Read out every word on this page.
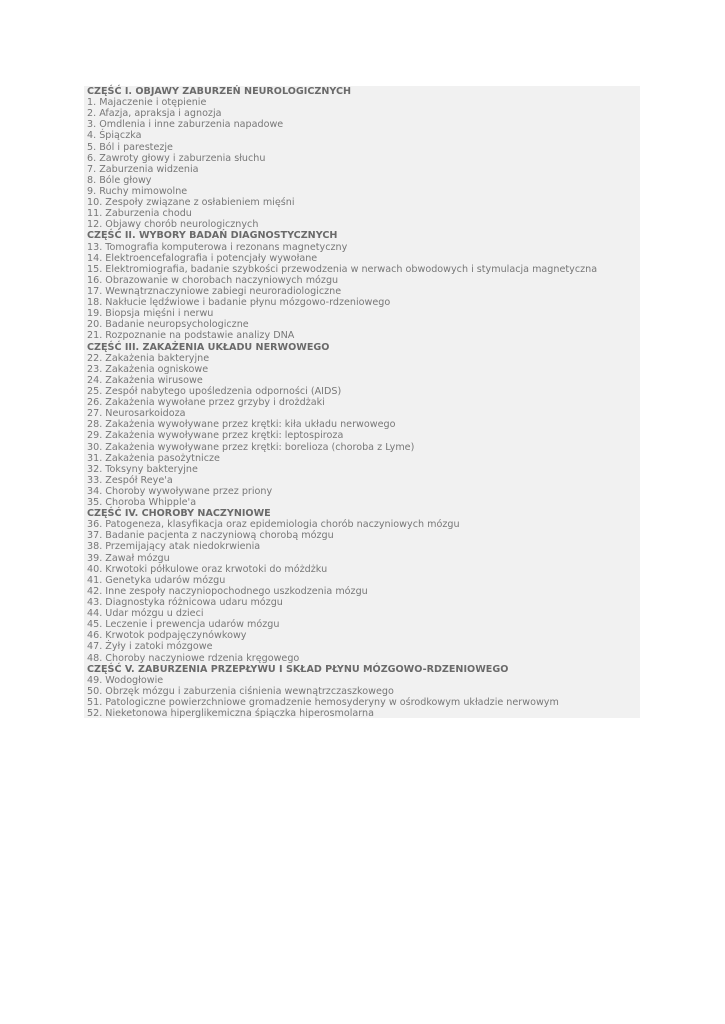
CZĘŚĆ I. OBJAWY ZABURZEŃ NEUROLOGICZNYCH
1. Majaczenie i otępienie
2. Afazja, apraksja i agnozja
3. Omdlenia i inne zaburzenia napadowe
4. Śpiączka
5. Ból i parestezje
6. Zawroty głowy i zaburzenia słuchu
7. Zaburzenia widzenia
8. Bóle głowy
9. Ruchy mimowolne
10. Zespoły związane z osłabieniem mięśni
11. Zaburzenia chodu
12. Objawy chorób neurologicznych
CZĘŚĆ II. WYBORY BADAŃ DIAGNOSTYCZNYCH
13. Tomografia komputerowa i rezonans magnetyczny
14. Elektroencefalografia i potencjały wywołane
15. Elektromiografia, badanie szybkości przewodzenia w nerwach obwodowych i stymulacja magnetyczna
16. Obrazowanie w chorobach naczyniowych mózgu
17. Wewnątrznaczyniowe zabiegi neuroradiologiczne
18. Nakłucie lędźwiowe i badanie płynu mózgowo-rdzeniowego
19. Biopsja mięśni i nerwu
20. Badanie neuropsychologiczne
21. Rozpoznanie na podstawie analizy DNA
CZĘŚĆ III. ZAKAŻENIA UKŁADU NERWOWEGO
22. Zakażenia bakteryjne
23. Zakażenia ogniskowe
24. Zakażenia wirusowe
25. Zespół nabytego upośledzenia odporności (AIDS)
26. Zakażenia wywołane przez grzyby i drożdżaki
27. Neurosarkoidoza
28. Zakażenia wywoływane przez krętki: kiła układu nerwowego
29. Zakażenia wywoływane przez krętki: leptospiroza
30. Zakażenia wywoływane przez krętki: borelioza (choroba z Lyme)
31. Zakażenia pasożytnicze
32. Toksyny bakteryjne
33. Zespół Reye'a
34. Choroby wywoływane przez priony
35. Choroba Whipple'a
CZĘŚĆ IV. CHOROBY NACZYNIOWE
36. Patogeneza, klasyfikacja oraz epidemiologia chorób naczyniowych mózgu
37. Badanie pacjenta z naczyniową chorobą mózgu
38. Przemijający atak niedokrwienia
39. Zawał mózgu
40. Krwotoki półkulowe oraz krwotoki do móżdżku
41. Genetyka udarów mózgu
42. Inne zespoły naczyniopochodnego uszkodzenia mózgu
43. Diagnostyka różnicowa udaru mózgu
44. Udar mózgu u dzieci
45. Leczenie i prewencja udarów mózgu
46. Krwotok podpajęczynówkowy
47. Żyły i zatoki mózgowe
48. Choroby naczyniowe rdzenia kręgowego
CZĘŚĆ V. ZABURZENIA PRZEPŁYWU I SKŁAD PŁYNU MÓZGOWO-RDZENIOWEGO
49. Wodogłowie
50. Obrzęk mózgu i zaburzenia ciśnienia wewnątrzczaszkowego
51. Patologiczne powierzchniowe gromadzenie hemosyderyny w ośrodkowym układzie nerwowym
52. Nieketonowa hiperglikemiczna śpiączka hiperosmolarna
